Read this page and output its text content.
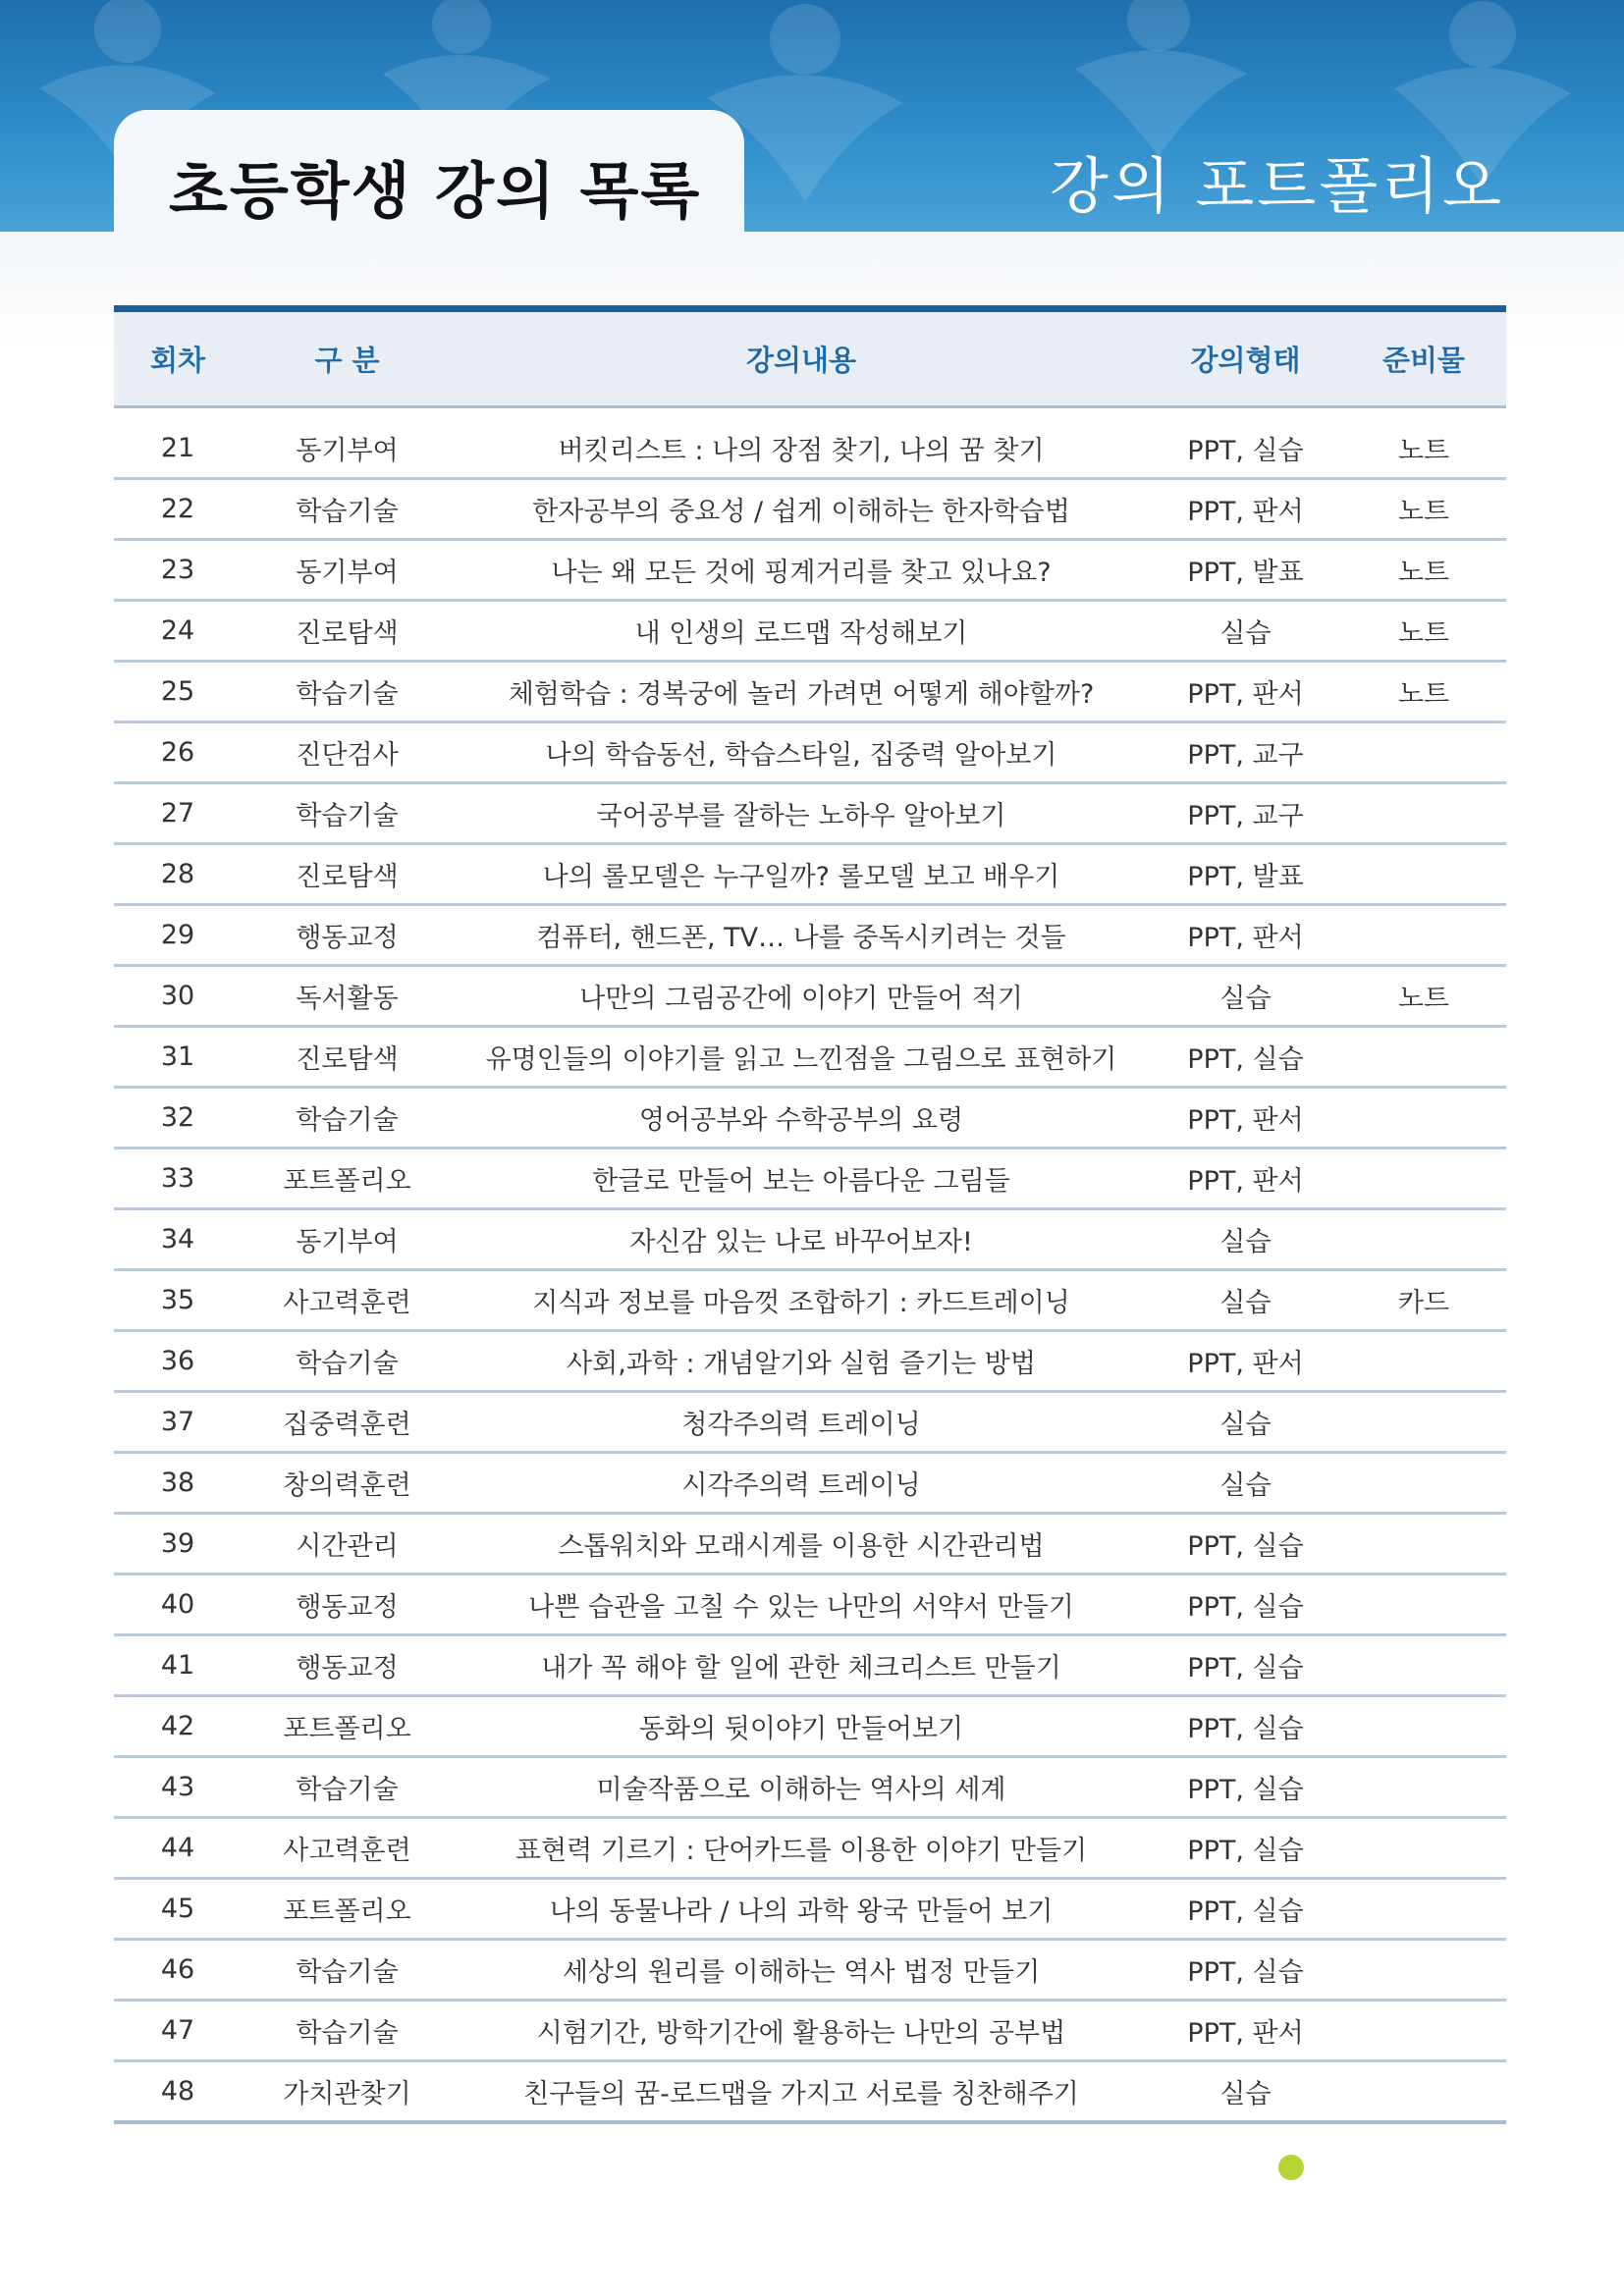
초등학생 강의 목록	강의 포트폴리오
회차	구 분	강의내용	강의형태	준비물

21	동기부여	버킷리스트 : 나의 장점 찾기, 나의 꿈 찾기	PPT, 실습	노트
22	학습기술	한자공부의 중요성 / 쉽게 이해하는 한자학습법	PPT, 판서	노트
23	동기부여	나는 왜 모든 것에 핑계거리를 찾고 있나요?	PPT, 발표	노트
24	진로탐색	내 인생의 로드맵 작성해보기	실습	노트
25	학습기술	체험학습 : 경복궁에 놀러 가려면 어떻게 해야할까?	PPT, 판서	노트
26	진단검사	나의 학습동선, 학습스타일, 집중력 알아보기	PPT, 교구	
27	학습기술	국어공부를 잘하는 노하우 알아보기	PPT, 교구	
28	진로탐색	나의 롤모델은 누구일까? 롤모델 보고 배우기	PPT, 발표	
29	행동교정	컴퓨터, 핸드폰, TV… 나를 중독시키려는 것들	PPT, 판서	
30	독서활동	나만의 그림공간에 이야기 만들어 적기	실습	노트
31	진로탐색	유명인들의 이야기를 읽고 느낀점을 그림으로 표현하기	PPT, 실습	
32	학습기술	영어공부와 수학공부의 요령	PPT, 판서	
33	포트폴리오	한글로 만들어 보는 아름다운 그림들	PPT, 판서	
34	동기부여	자신감 있는 나로 바꾸어보자!	실습	
35	사고력훈련	지식과 정보를 마음껏 조합하기 : 카드트레이닝	실습	카드
36	학습기술	사회,과학 : 개념알기와 실험 즐기는 방법	PPT, 판서	
37	집중력훈련	청각주의력 트레이닝	실습	
38	창의력훈련	시각주의력 트레이닝	실습	
39	시간관리	스톱워치와 모래시계를 이용한 시간관리법	PPT, 실습	
40	행동교정	나쁜 습관을 고칠 수 있는 나만의 서약서 만들기	PPT, 실습	
41	행동교정	내가 꼭 해야 할 일에 관한 체크리스트 만들기	PPT, 실습	
42	포트폴리오	동화의 뒷이야기 만들어보기	PPT, 실습	
43	학습기술	미술작품으로 이해하는 역사의 세계	PPT, 실습	
44	사고력훈련	표현력 기르기 : 단어카드를 이용한 이야기 만들기	PPT, 실습	
45	포트폴리오	나의 동물나라 / 나의 과학 왕국 만들어 보기	PPT, 실습	
46	학습기술	세상의 원리를 이해하는 역사 법정 만들기	PPT, 실습	
47	학습기술	시험기간, 방학기간에 활용하는 나만의 공부법	PPT, 판서	
48	가치관찾기	친구들의 꿈-로드맵을 가지고 서로를 칭찬해주기	실습	
